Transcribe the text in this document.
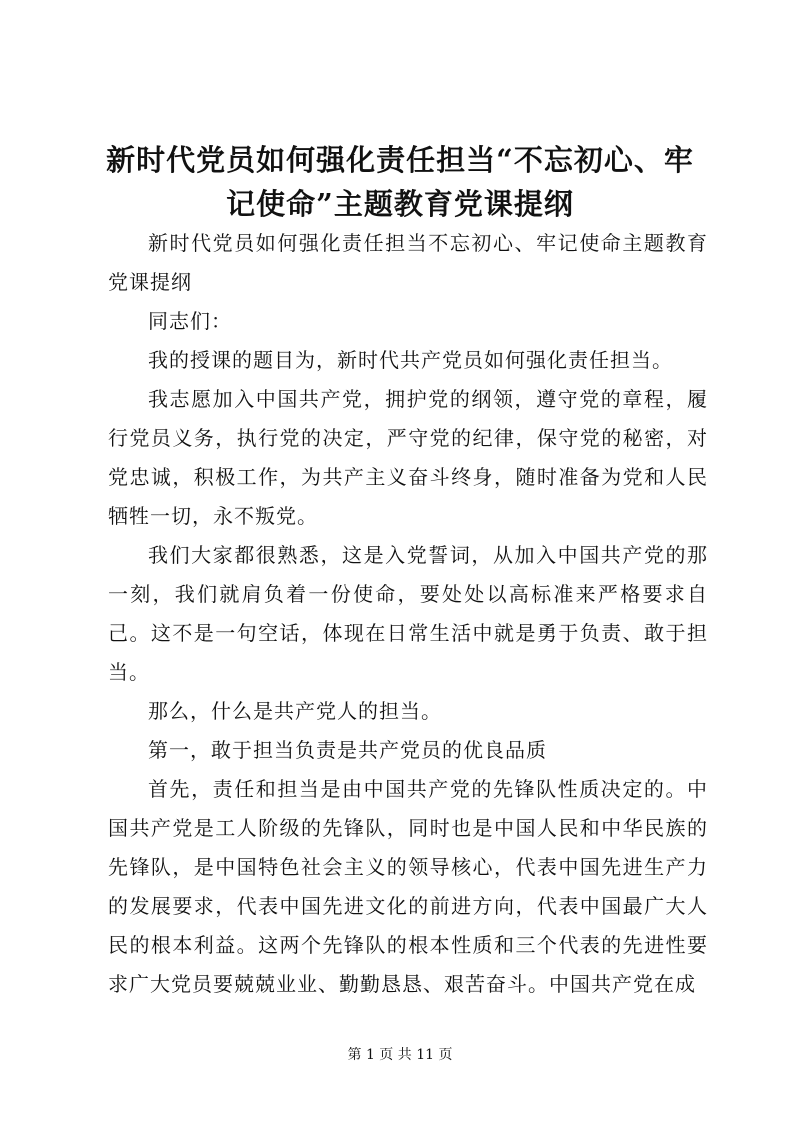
新时代党员如何强化责任担当“不忘初心、牢记使命”主题教育党课提纲

新时代党员如何强化责任担当不忘初心、牢记使命主题教育党课提纲

同志们：

我的授课的题目为，新时代共产党员如何强化责任担当。

我志愿加入中国共产党，拥护党的纲领，遵守党的章程，履行党员义务，执行党的决定，严守党的纪律，保守党的秘密，对党忠诚，积极工作，为共产主义奋斗终身，随时准备为党和人民牺牲一切，永不叛党。

我们大家都很熟悉，这是入党誓词，从加入中国共产党的那一刻，我们就肩负着一份使命，要处处以高标准来严格要求自己。这不是一句空话，体现在日常生活中就是勇于负责、敢于担当。

那么，什么是共产党人的担当。

第一，敢于担当负责是共产党员的优良品质

首先，责任和担当是由中国共产党的先锋队性质决定的。中国共产党是工人阶级的先锋队，同时也是中国人民和中华民族的先锋队，是中国特色社会主义的领导核心，代表中国先进生产力的发展要求，代表中国先进文化的前进方向，代表中国最广大人民的根本利益。这两个先锋队的根本性质和三个代表的先进性要求广大党员要兢兢业业、勤勤恳恳、艰苦奋斗。中国共产党在成

第 1 页 共 11 页
